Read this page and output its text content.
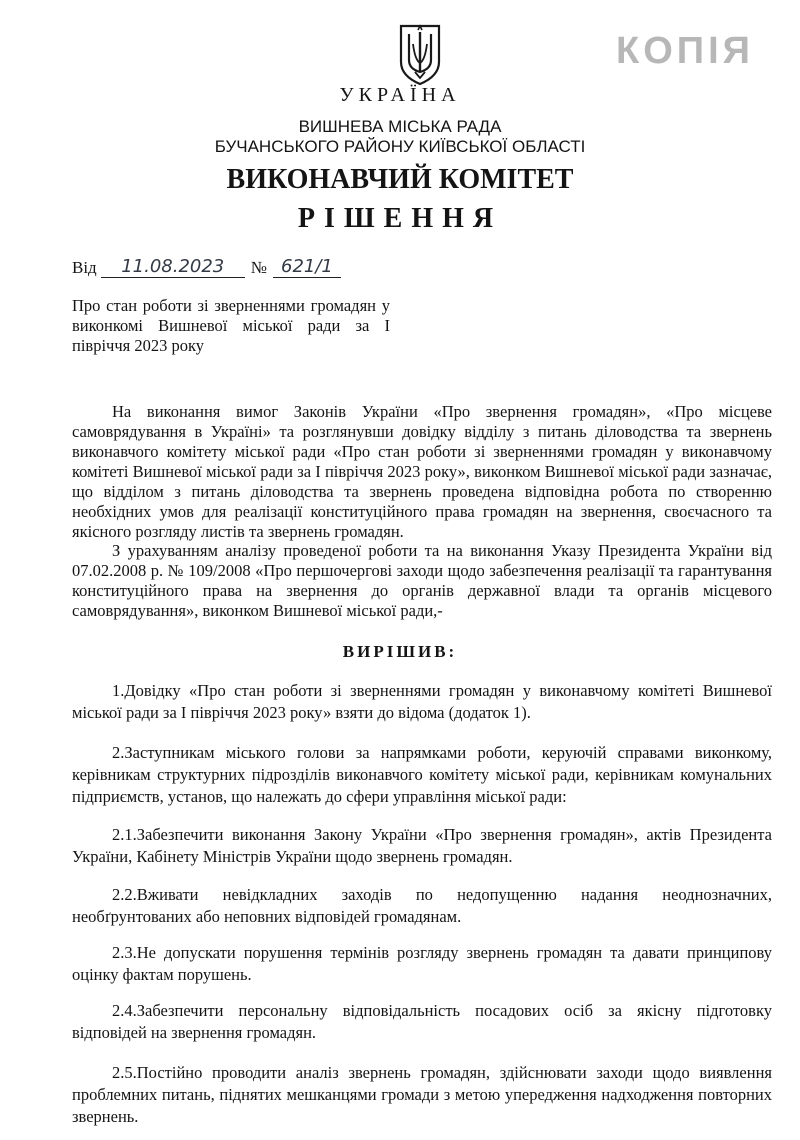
КОПІЯ
УКРАЇНА
ВИШНЕВА МІСЬКА РАДА
БУЧАНСЬКОГО РАЙОНУ КИЇВСЬКОЇ ОБЛАСТІ
ВИКОНАВЧИЙ КОМІТЕТ
РІШЕННЯ
Від	11.08.2023	№ 621/1
Про стан роботи зі зверненнями громадян у виконкомі Вишневої міської ради за I півріччя 2023 року
На виконання вимог Законів України «Про звернення громадян», «Про місцеве самоврядування в Україні» та розглянувши довідку відділу з питань діловодства та звернень виконавчого комітету міської ради «Про стан роботи зі зверненнями громадян у виконавчому комітеті Вишневої міської ради за I півріччя 2023 року», виконком Вишневої міської ради зазначає, що відділом з питань діловодства та звернень проведена відповідна робота по створенню необхідних умов для реалізації конституційного права громадян на звернення, своєчасного та якісного розгляду листів та звернень громадян.
З урахуванням аналізу проведеної роботи та на виконання Указу Президента України від 07.02.2008 р. № 109/2008 «Про першочергові заходи щодо забезпечення реалізації та гарантування конституційного права на звернення до органів державної влади та органів місцевого самоврядування», виконком Вишневої міської ради,-
ВИРІШИВ:
1.Довідку «Про стан роботи зі зверненнями громадян у виконавчому комітеті Вишневої міської ради за I півріччя 2023 року» взяти до відома (додаток 1).
2.Заступникам міського голови за напрямками роботи, керуючій справами виконкому, керівникам структурних підрозділів виконавчого комітету міської ради, керівникам комунальних підприємств, установ, що належать до сфери управління міської ради:
2.1.Забезпечити виконання Закону України «Про звернення громадян», актів Президента України, Кабінету Міністрів України щодо звернень громадян.
2.2.Вживати невідкладних заходів по недопущенню надання неоднозначних, необґрунтованих або неповних відповідей громадянам.
2.3.Не допускати порушення термінів розгляду звернень громадян та давати принципову оцінку фактам порушень.
2.4.Забезпечити персональну відповідальність посадових осіб за якісну підготовку відповідей на звернення громадян.
2.5.Постійно проводити аналіз звернень громадян, здійснювати заходи щодо виявлення проблемних питань, піднятих мешканцями громади з метою упередження надходження повторних звернень.
